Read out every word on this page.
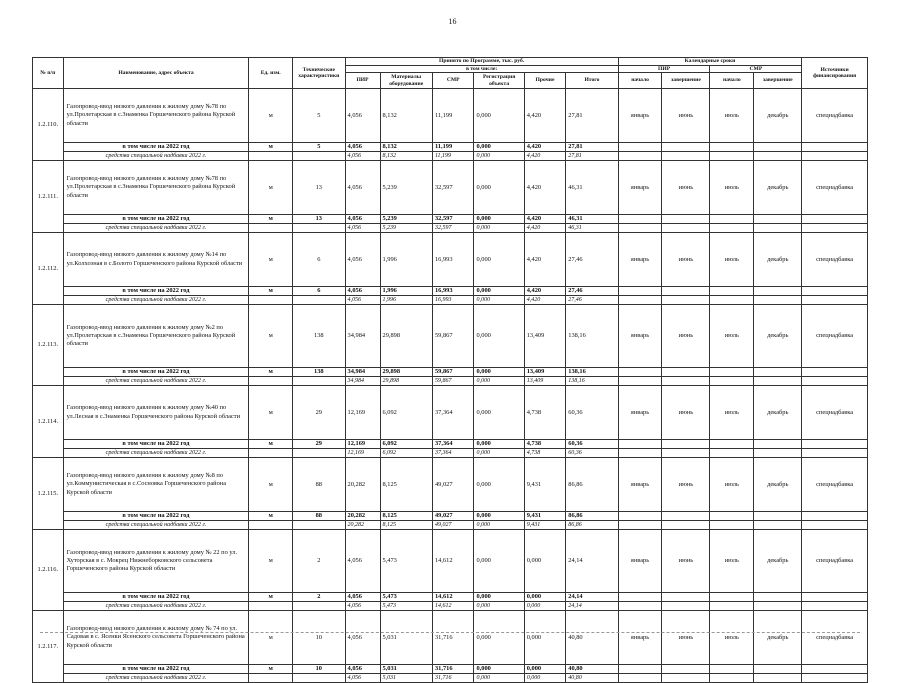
16
№ п/п	Наименование, адрес объекта	Ед. изм.	Технические характеристики	Принято по Программе, тыс. руб.						Календарные сроки				Источники финансирования
				в том числе:						ПИР		СМР		
				ПИР	Материалы оборудование	СМР	Регистрация объекта	Прочие	Итого	начало	завершение	начало	завершение	
1.2.110.	Газопровод-ввод низкого давления к жилому дому №78 по ул.Пролетарская в с.Знаменка Горшеченского района Курской области	м	5	4,056	8,132	11,199	0,000	4,420	27,81	январь	июнь	июль	декабрь	спецнадбавка
	в том числе на 2022 год	м	5	4,056	8,132	11,199	0,000	4,420	27,81					
	средства специальной надбавки 2022 г.			4,056	8,132	11,199	0,000	4,420	27,81					
1.2.111.	Газопровод-ввод низкого давления к жилому дому №78 по ул.Пролетарская в с.Знаменка Горшеченского района Курской области	м	13	4,056	5,239	32,597	0,000	4,420	46,31	январь	июнь	июль	декабрь	спецнадбавка
	в том числе на 2022 год	м	13	4,056	5,239	32,597	0,000	4,420	46,31					
	средства специальной надбавки 2022 г.			4,056	5,239	32,597	0,000	4,420	46,31					
1.2.112.	Газопровод-ввод низкого давления к жилому дому №14 по ул.Колхозная в с.Болото Горшеченского района Курской области	м	6	4,056	1,996	16,993	0,000	4,420	27,46	январь	июнь	июль	декабрь	спецнадбавка
	в том числе на 2022 год	м	6	4,056	1,996	16,993	0,000	4,420	27,46					
	средства специальной надбавки 2022 г.			4,056	1,996	16,993	0,000	4,420	27,46					
1.2.113.	Газопровод-ввод низкого давления к жилому дому №2 по ул.Пролетарская в с.Знаменка Горшеченского района Курской области	м	138	34,984	29,898	59,867	0,000	13,409	138,16	январь	июнь	июль	декабрь	спецнадбавка
	в том числе на 2022 год	м	138	34,984	29,898	59,867	0,000	13,409	138,16					
	средства специальной надбавки 2022 г.			34,984	29,898	59,867	0,000	13,409	138,16					
1.2.114.	Газопровод-ввод низкого давления к жилому дому №40 по ул.Лесная в с.Знаменка Горшеченского района Курской области	м	29	12,169	6,092	37,364	0,000	4,738	60,36	январь	июнь	июль	декабрь	спецнадбавка
	в том числе на 2022 год	м	29	12,169	6,092	37,364	0,000	4,738	60,36					
	средства специальной надбавки 2022 г.			12,169	6,092	37,364	0,000	4,738	60,36					
1.2.115.	Газопровод-ввод низкого давления к жилому дому №8 по ул.Коммунистическая в с.Сосновка Горшеченского района Курской области	м	88	20,282	8,125	49,027	0,000	9,431	86,86	январь	июнь	июль	декабрь	спецнадбавка
	в том числе на 2022 год	м	88	20,282	8,125	49,027	0,000	9,431	86,86					
	средства специальной надбавки 2022 г.			20,282	8,125	49,027	0,000	9,431	86,86					
1.2.116.	Газопровод-ввод низкого давления к жилому дому № 22 по ул. Хуторская в с. Мокрец Нижнеборковского сельсовета Горшеченского района Курской области	м	2	4,056	5,473	14,612	0,000	0,000	24,14	январь	июнь	июль	декабрь	спецнадбавка
	в том числе на 2022 год	м	2	4,056	5,473	14,612	0,000	0,000	24,14					
	средства специальной надбавки 2022 г.			4,056	5,473	14,612	0,000	0,000	24,14					
1.2.117.	Газопровод-ввод низкого давления к жилому дому № 74 по ул. Садовая в с. Ясенки Ясенского сельсовета Горшеченского района Курской области	м	10	4,056	5,031	31,716	0,000	0,000	40,80	январь	июнь	июль	декабрь	спецнадбавка
	в том числе на 2022 год	м	10	4,056	5,031	31,716	0,000	0,000	40,80					
	средства специальной надбавки 2022 г.			4,056	5,031	31,716	0,000	0,000	40,80					
